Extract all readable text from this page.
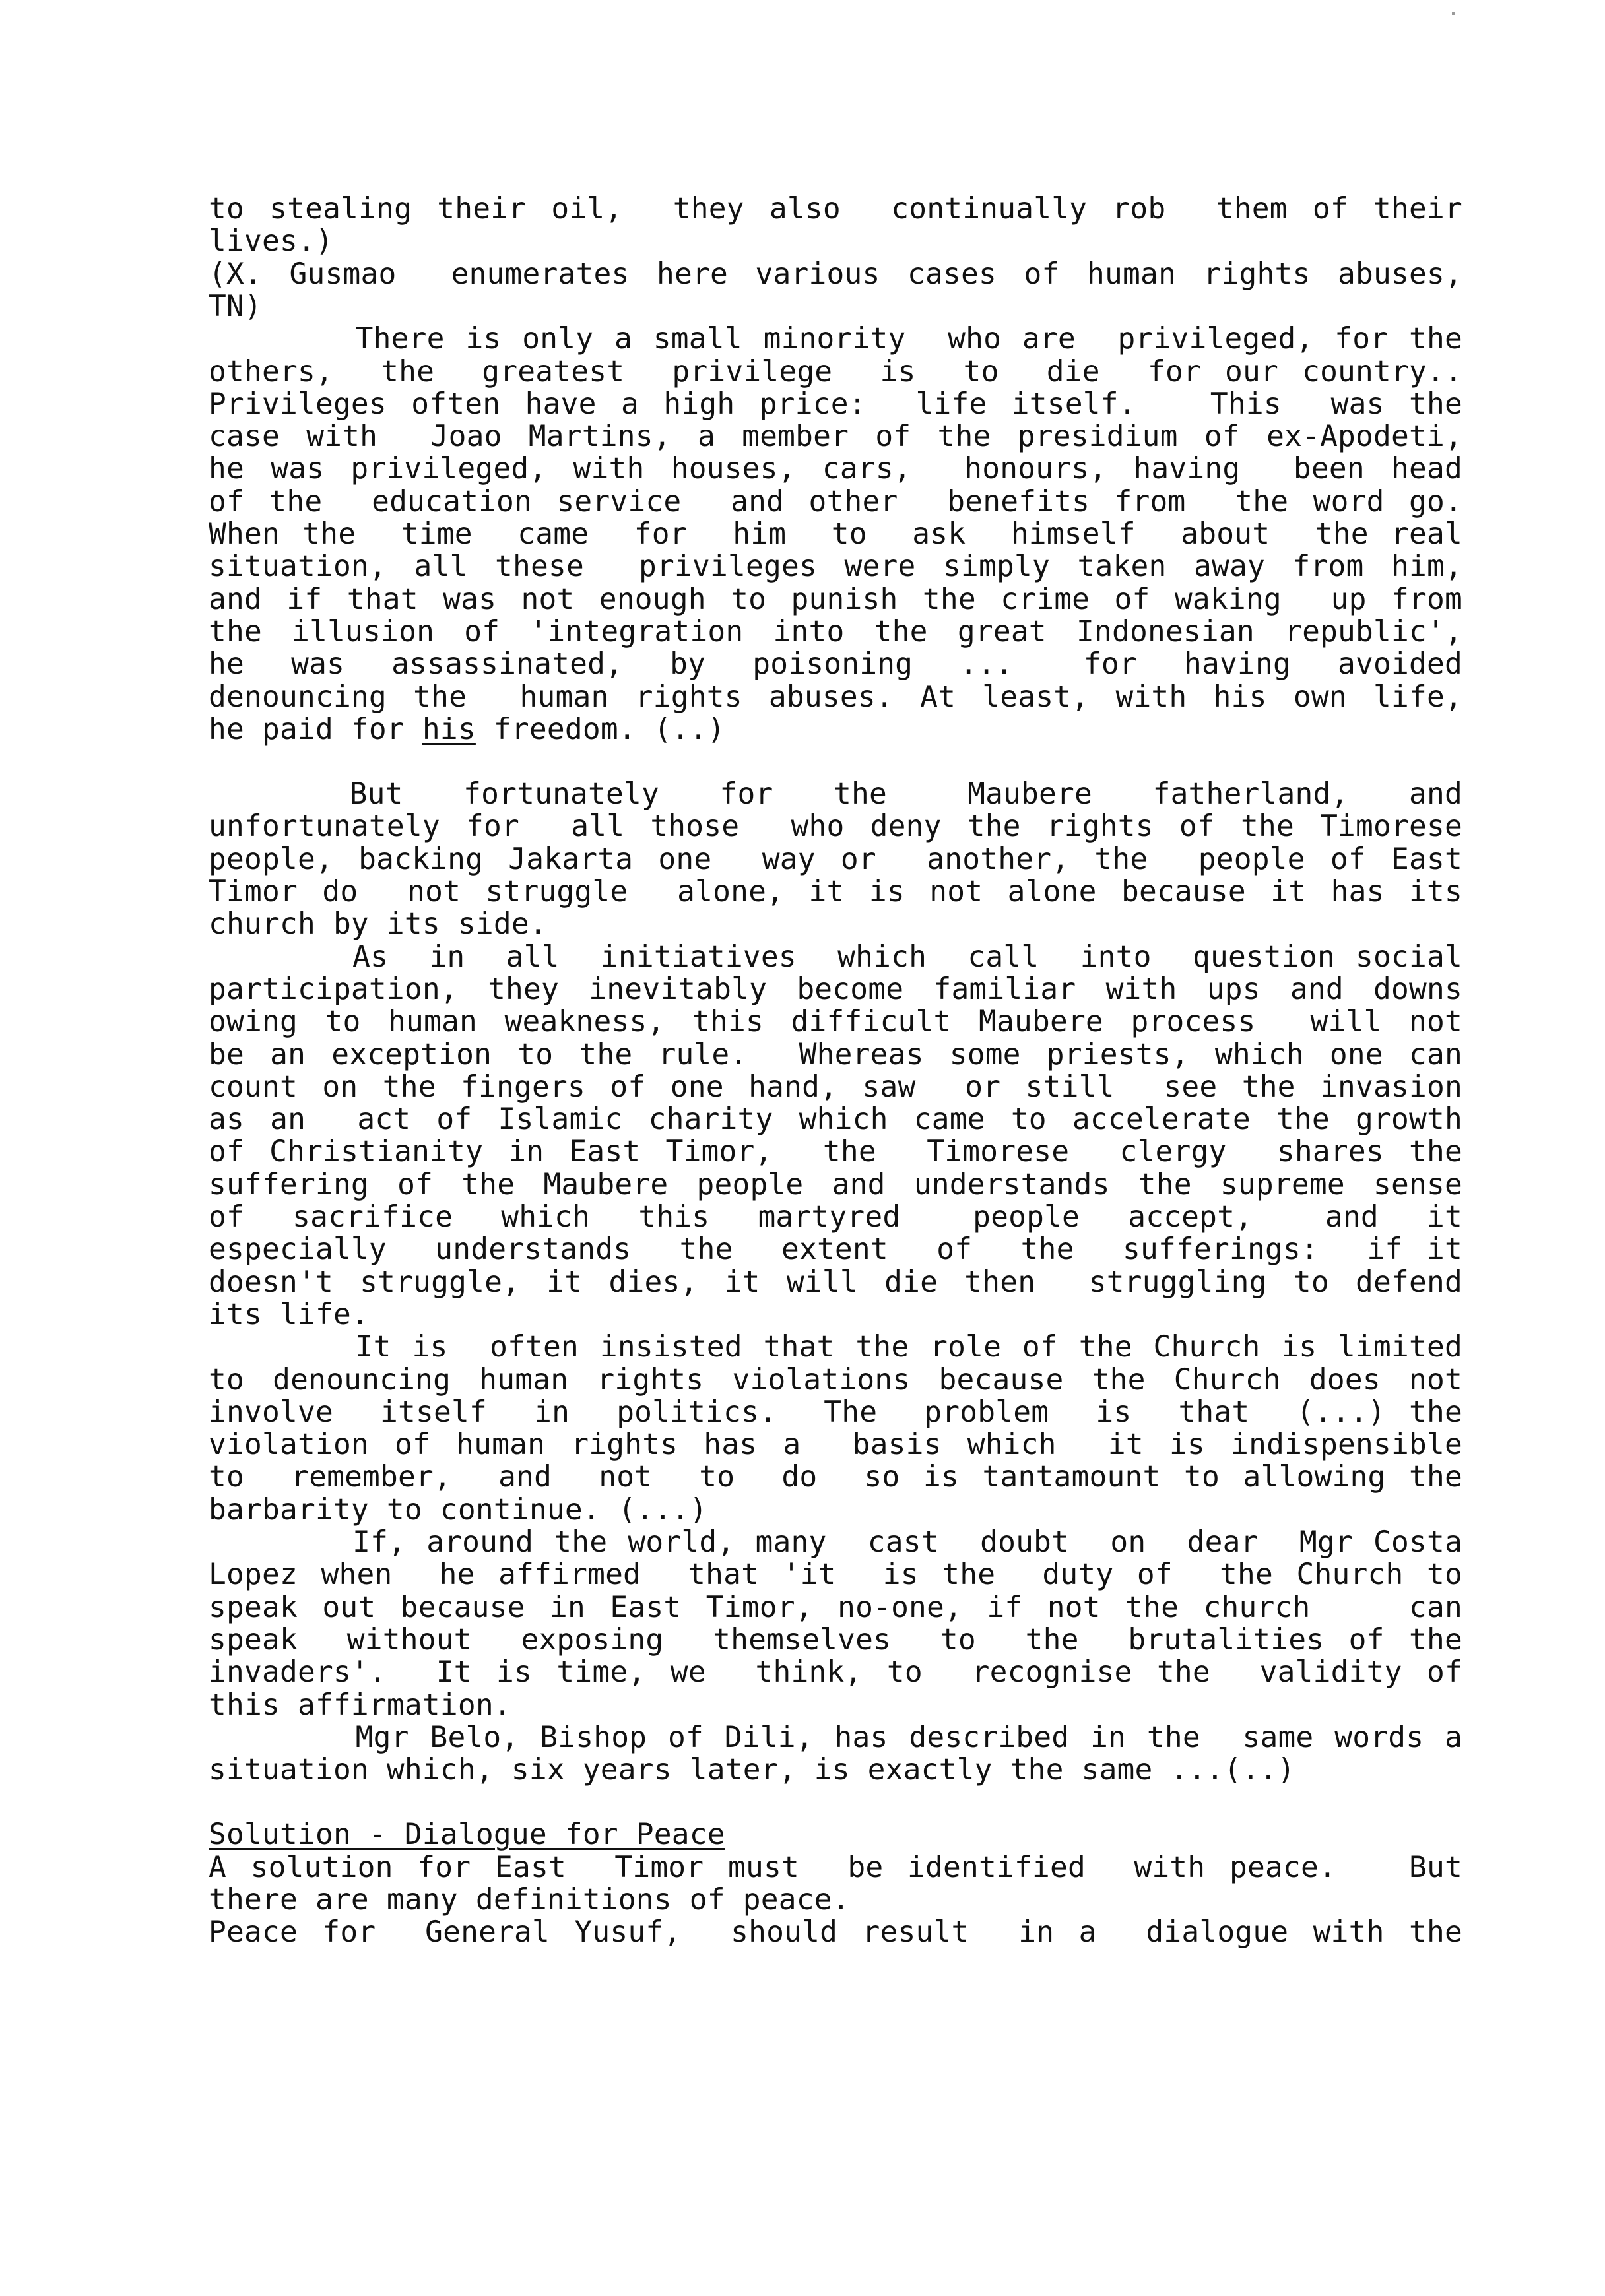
to stealing their oil,  they also  continually rob  them of their
lives.)
(X. Gusmao  enumerates here various cases of human rights abuses,
TN)
There is only a small minority  who are  privileged, for the
others,  the  greatest  privilege  is  to  die  for our country..
Privileges often have a high price:  life itself.   This  was the
case with  Joao Martins, a member of the presidium of ex-Apodeti,
he was privileged, with houses, cars,  honours, having  been head
of the  education service  and other  benefits from  the word go.
When the  time  came  for  him  to  ask  himself  about  the real
situation, all these  privileges were simply taken away from him,
and if that was not enough to punish the crime of waking  up from
the illusion of 'integration into the great Indonesian republic',
he  was  assassinated,  by  poisoning  ...   for  having  avoided
denouncing the  human rights abuses. At least, with his own life,
he paid for his freedom. (..)
But   fortunately   for   the    Maubere   fatherland,   and
unfortunately for  all those  who deny the rights of the Timorese
people, backing Jakarta one  way or  another, the  people of East
Timor do  not struggle  alone, it is not alone because it has its
church by its side.
As  in  all  initiatives  which  call  into  question social
participation, they inevitably become familiar with ups and downs
owing to human weakness, this difficult Maubere process  will not
be an exception to the rule.  Whereas some priests, which one can
count on the fingers of one hand, saw  or still  see the invasion
as an  act of Islamic charity which came to accelerate the growth
of Christianity in East Timor,  the  Timorese  clergy  shares the
suffering of the Maubere people and understands the supreme sense
of  sacrifice  which  this  martyred   people  accept,   and  it
especially  understands  the  extent  of  the  sufferings:  if it
doesn't struggle, it dies, it will die then  struggling to defend
its life.
It is  often insisted that the role of the Church is limited
to denouncing human rights violations because the Church does not
involve  itself  in  politics.  The  problem  is  that  (...) the
violation of human rights has a  basis which  it is indispensible
to  remember,  and  not  to  do  so is tantamount to allowing the
barbarity to continue. (...)
If, around the world, many  cast  doubt  on  dear  Mgr Costa
Lopez when  he affirmed  that 'it  is the  duty of  the Church to
speak out because in East Timor, no-one, if not the church    can
speak  without  exposing  themselves  to  the  brutalities of the
invaders'.  It is time, we  think, to  recognise the  validity of
this affirmation.
Mgr Belo, Bishop of Dili, has described in the  same words a
situation which, six years later, is exactly the same ...(..)
Solution - Dialogue for Peace
A solution for East  Timor must  be identified  with peace.   But
there are many definitions of peace.
Peace for  General Yusuf,  should result  in a  dialogue with the
